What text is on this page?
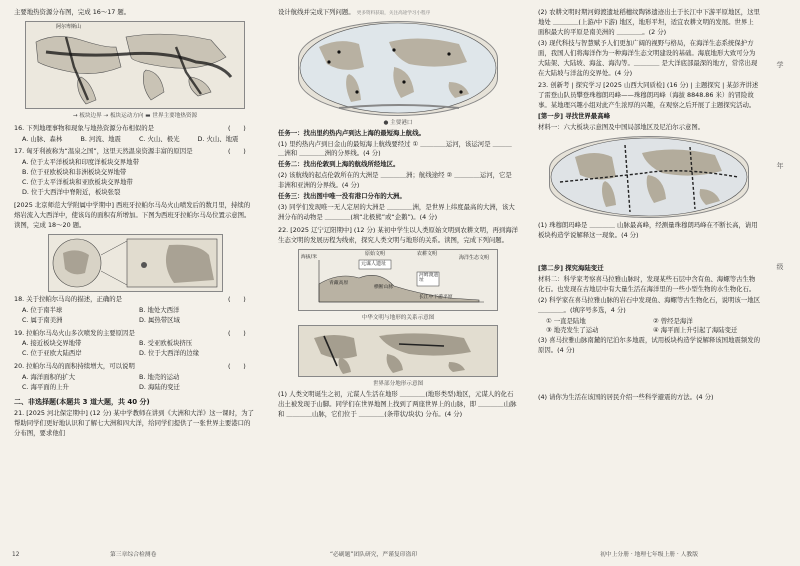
主要地热资源分布图，完成 16～17 题。

阿尔卑斯山

→ 板块边界 ⇢ 板块运动方向 ▬ 世界主要地热资源

16. 下列地理事物和现象与地热资源分布相似的是	(　　)

A. 山脉、森林	B. 河流、地震	C. 火山、极光	D. 火山、地震

17. 匈牙利被称为“温泉之国”，这里天然温泉资源丰富的原因是	(　　)

A. 位于太平洋板块和印度洋板块交界地带
B. 位于亚欧板块和非洲板块交界地带
C. 位于太平洋板块和亚欧板块交界地带
D. 位于大西洋中脊附近，板块张裂

[2025 北京师范大学附属中学期中] 西班牙拉帕尔马岛火山喷发后的数月里，持续的熔岩流入大西洋中，使该岛的面积有所增加。下图为西班牙拉帕尔马岛位置示意图。读图，完成 18～20 题。

18. 关于拉帕尔马岛的描述，正确的是	(　　)

A. 位于南半球	B. 地处大西洋
C. 属于南美洲	D. 属热带区域

19. 拉帕尔马岛火山多次喷发的主要原因是	(　　)

A. 接近板块交界地带	B. 受亚欧板块挤压
C. 位于亚欧大陆西岸	D. 位于大西洋的边缘

20. 拉帕尔马岛的面积持续增大，可以说明	(　　)

A. 海洋面积的扩大	B. 地壳的运动
C. 海平面的上升	D. 海陆的变迁

二、非选择题(本题共 3 道大题，共 40 分)

21. [2025 河北保定期中] (12 分) 某中学教师在讲到《大洲和大洋》这一课时，为了帮助同学们更好地认识和了解七大洲和四大洋，给同学们提供了一张世界主要港口的分布图，要求他们

设计航线并完成下列问题。 更多资料获取，关注高途学习小程序

● 主要港口

任务一：找出里约热内卢到达上海的最短海上航线。

(1) 里约热内卢到日金山的最短海上航线要经过 ① ＿＿＿＿运河，该运河是 ＿＿＿＿洲和 ＿＿＿＿洲的分界线。(4 分)

任务二：找出伦敦到上海的航线所经地区。

(2) 该航线的起点伦敦所在的大洲是 ＿＿＿＿洲；航线途经 ② ＿＿＿＿运河，它是非洲和亚洲的分界线。(4 分)

任务三：找出图中唯一没有港口分布的大洲。

(3) 同学们发现唯一无人定居的大洲是 ＿＿＿＿洲，是世界上纬度最高的大洲，该大洲分布的动物是 ＿＿＿＿(填“北极熊”或“企鹅”)。(4 分)

22. [2025 辽宁辽阳期中] (12 分) 某初中学生以人类原始文明到农耕文明，再到海洋生态文明的发展历程为线索，探究人类文明与地形的关系。读图，完成下列问题。

原始文明	农耕文明
海洋生态文明
元谋人遗址
河姆渡遗址
海拔/米
青藏高原
横断山脉
长江中下游平原

中华文明与地形的关系示意图

世界部分地形示意图

(1) 人类文明诞生之初，元谋人生活在地形 ＿＿＿＿(地形类型)地区，元谋人的化石出土被发现于山脚。同学们在世界地图上找到了两座世界上的山脉，即 ＿＿＿＿山脉和 ＿＿＿＿山脉，它们位于 ＿＿＿＿(条带状/块状) 分布。(4 分)

(2) 农耕文明时期河姆渡遗址稻穗纹陶钵遗迹出土于长江中下游平原地区，这里地处 ＿＿＿＿(上游/中下游) 地区，地形平坦，适宜农耕文明的发展。世界上面积最大的平原是南美洲的 ＿＿＿＿。(2 分)

(3) 现代科技与智慧赋予人们更加广阔的视野与格局，在海洋生态系统保护方面，我国人们将海洋作为一种海洋生态文明建设的基础。海底地形大致可分为大陆架、大陆坡、海盆、海沟等。＿＿＿＿ 是大洋底部最深的地方，常常出现在大陆坡与洋盆的交界处。(4 分)

23. 创新考 | 探究学习 [2025 山西大同质检] (16 分) | 主题探究 | 某彭齐讲述了雷登山队员攀登珠穆朗玛峰——珠穆朗玛峰（海拔 8848.86 米）的冒险故事。某地理兴趣小组对此产生浓厚的兴趣，在观察之后开展了主题探究活动。

[第一步] 寻找世界最高峰

材料一：六大板块示意图及中国局部地区及尼泊尔示意图。

(1) 珠穆朗玛峰是 ＿＿＿＿ 山脉最高峰，经测量珠穆朗玛峰在不断长高，请用板块构造学说解释这一现象。(4 分)

[第二步] 探究海陆变迁

材料二：科学家考察喜马拉雅山脉时，发现某些石层中含有鱼、海螺等古生物化石。也发现在古地层中有大量生活在海洋里的一些小型生物的水生物化石。

(2) 科学家在喜马拉雅山脉的岩石中发现鱼、海螺等古生物化石，说明该一地区 ＿＿＿＿。(填序号多选，4 分)

① 一直是陆地	② 曾经是海洋
③ 地壳发生了运动	④ 海平面上升引起了海陆变迁

(3) 喜马拉雅山脉南麓的尼泊尔多地震，试用板块构造学说解释该国地震频发的原因。(4 分)

(4) 请你为生活在该国的居民介绍一些科学避震的方法。(4 分)

学
年
级
12	第三章综合检测卷	“必刷题”团队研究，严谨复印盗印	初中上分册 · 地理七年级上册 · 人教版
